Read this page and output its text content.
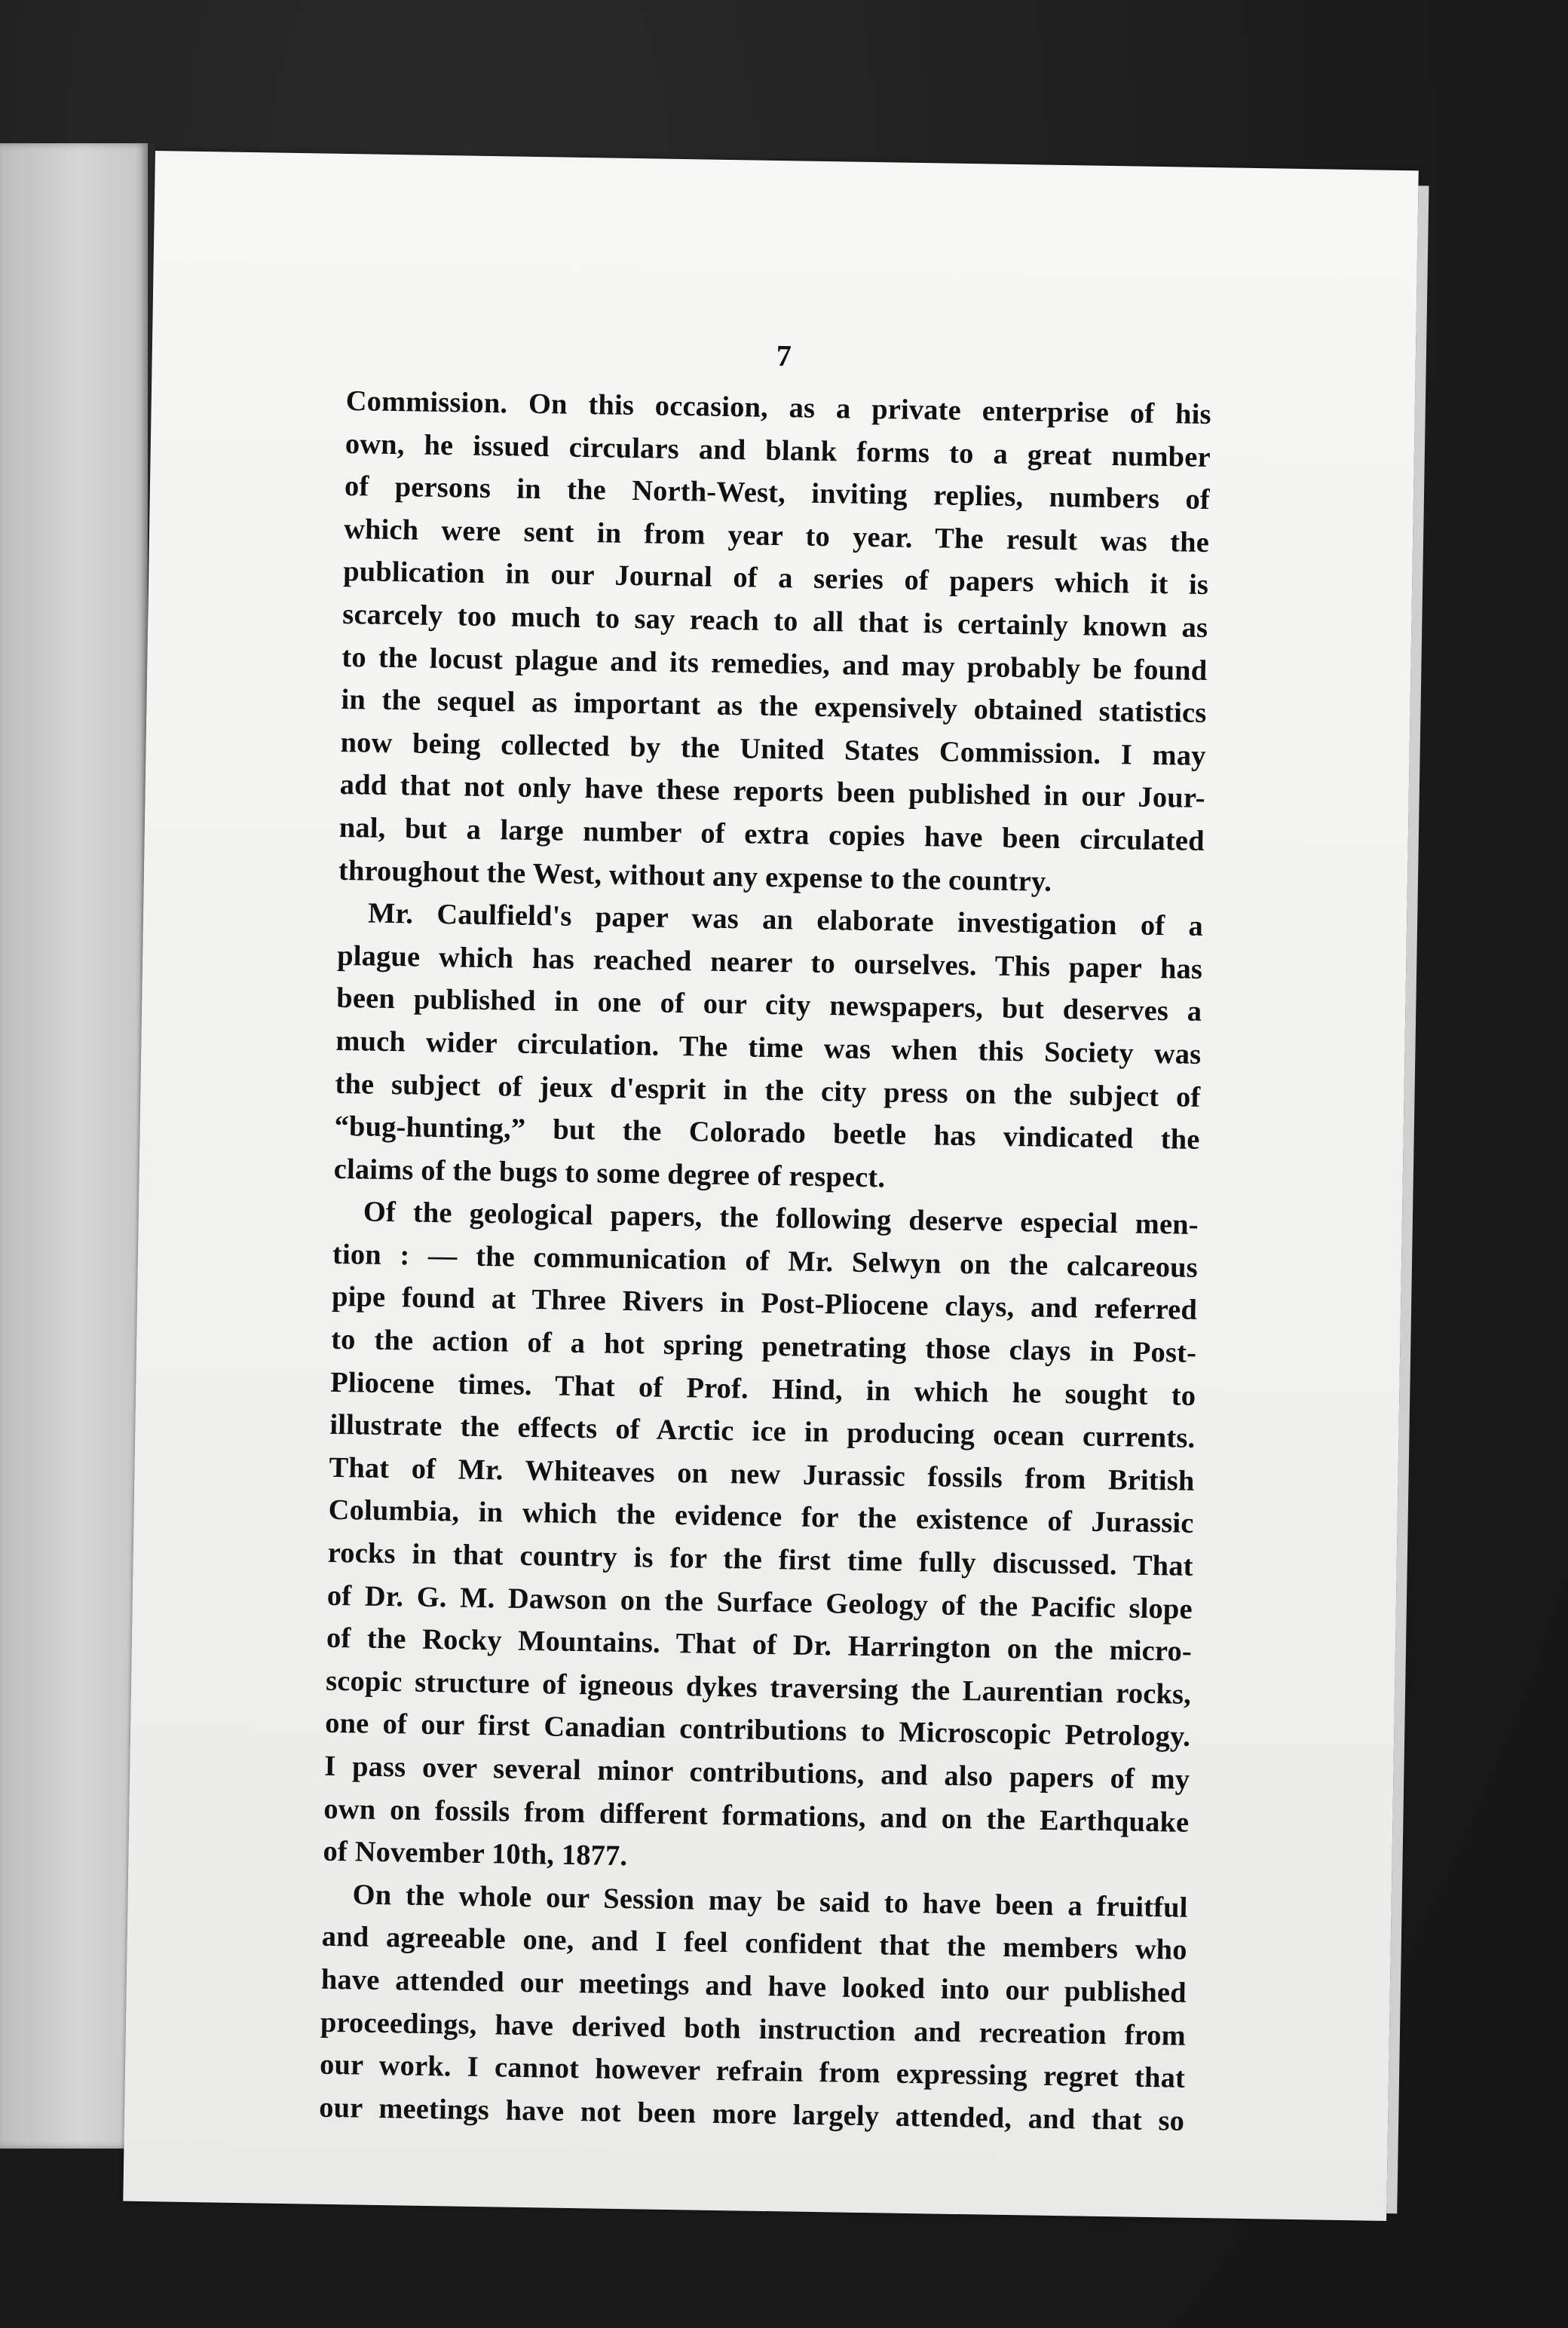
7
Commission. On this occasion, as a private enterprise of his
own, he issued circulars and blank forms to a great number
of persons in the North-West, inviting replies, numbers of
which were sent in from year to year. The result was the
publication in our Journal of a series of papers which it is
scarcely too much to say reach to all that is certainly known as
to the locust plague and its remedies, and may probably be found
in the sequel as important as the expensively obtained statistics
now being collected by the United States Commission. I may
add that not only have these reports been published in our Jour-
nal, but a large number of extra copies have been circulated
throughout the West, without any expense to the country.
Mr. Caulfield's paper was an elaborate investigation of a
plague which has reached nearer to ourselves. This paper has
been published in one of our city newspapers, but deserves a
much wider circulation. The time was when this Society was
the subject of jeux d'esprit in the city press on the subject of
“bug-hunting,” but the Colorado beetle has vindicated the
claims of the bugs to some degree of respect.
Of the geological papers, the following deserve especial men-
tion : — the communication of Mr. Selwyn on the calcareous
pipe found at Three Rivers in Post-Pliocene clays, and referred
to the action of a hot spring penetrating those clays in Post-
Pliocene times. That of Prof. Hind, in which he sought to
illustrate the effects of Arctic ice in producing ocean currents.
That of Mr. Whiteaves on new Jurassic fossils from British
Columbia, in which the evidence for the existence of Jurassic
rocks in that country is for the first time fully discussed. That
of Dr. G. M. Dawson on the Surface Geology of the Pacific slope
of the Rocky Mountains. That of Dr. Harrington on the micro-
scopic structure of igneous dykes traversing the Laurentian rocks,
one of our first Canadian contributions to Microscopic Petrology.
I pass over several minor contributions, and also papers of my
own on fossils from different formations, and on the Earthquake
of November 10th, 1877.
On the whole our Session may be said to have been a fruitful
and agreeable one, and I feel confident that the members who
have attended our meetings and have looked into our published
proceedings, have derived both instruction and recreation from
our work. I cannot however refrain from expressing regret that
our meetings have not been more largely attended, and that so
